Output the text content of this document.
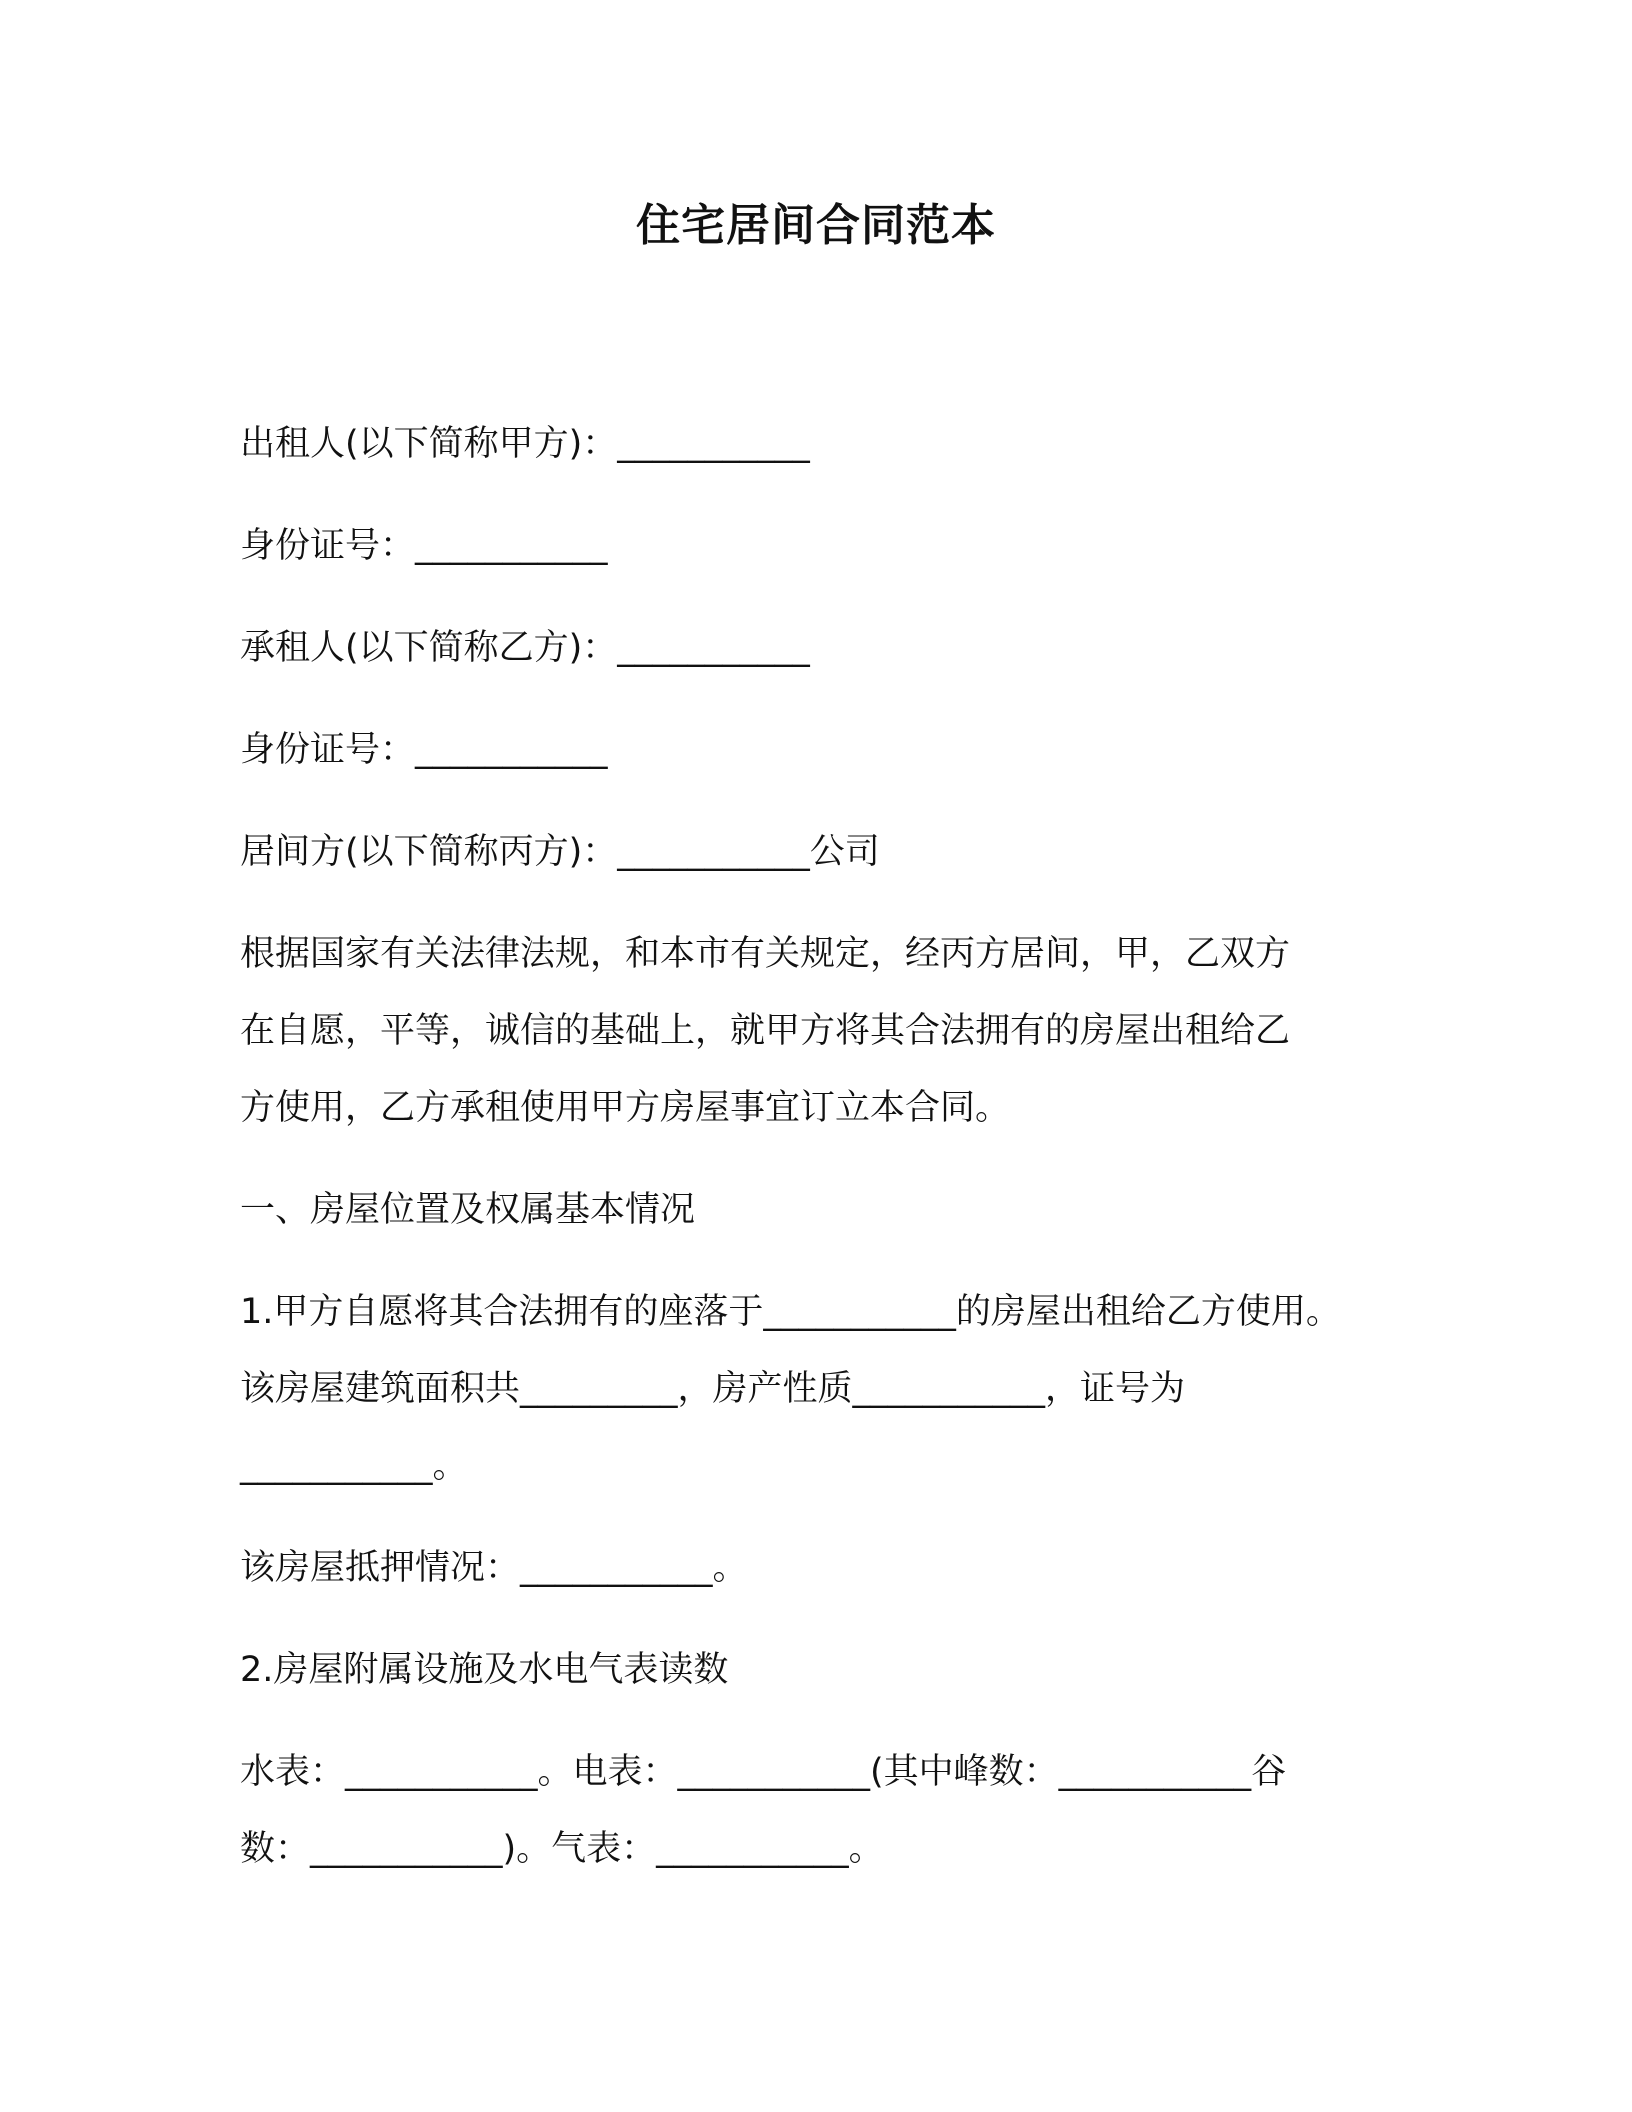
住宅居间合同范本
出租人(以下简称甲方)：___________
身份证号：___________
承租人(以下简称乙方)：___________
身份证号：___________
居间方(以下简称丙方)：___________公司
根据国家有关法律法规，和本市有关规定，经丙方居间，甲，乙双方
在自愿，平等，诚信的基础上，就甲方将其合法拥有的房屋出租给乙
方使用，乙方承租使用甲方房屋事宜订立本合同。
一、房屋位置及权属基本情况
1.甲方自愿将其合法拥有的座落于___________的房屋出租给乙方使用。
该房屋建筑面积共_________，房产性质___________，证号为
___________。
该房屋抵押情况：___________。
2.房屋附属设施及水电气表读数
水表：___________。电表：___________(其中峰数：___________谷
数：___________)。气表：___________。
